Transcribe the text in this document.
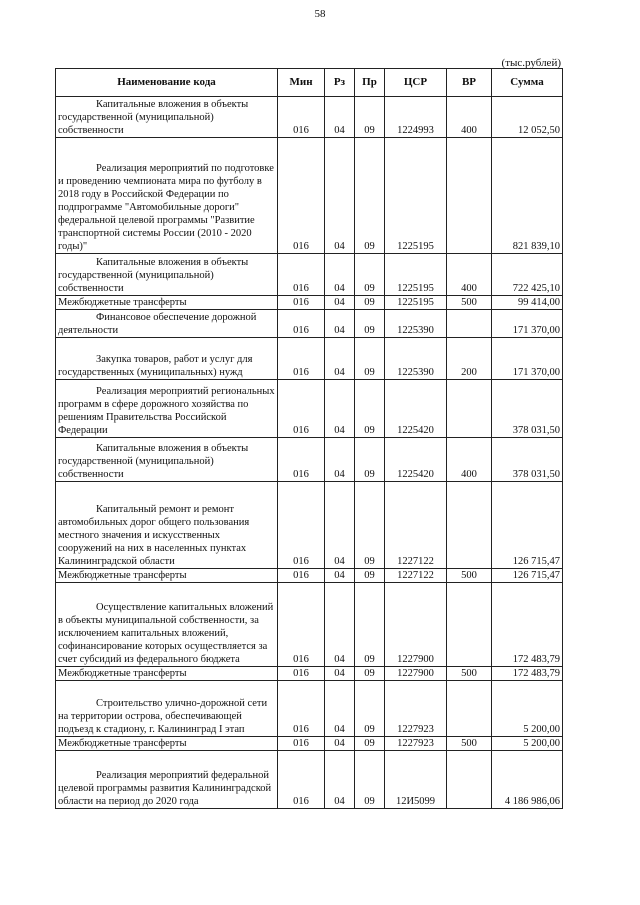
58
(тыс.рублей)
Наименование кода	Мин	Рз	Пр	ЦСР	ВР	Сумма

Капитальные вложения в объекты государственной (муниципальной) собственности	016	04	09	1224993	400	12 052,50

Реализация мероприятий по подготовке и проведению чемпионата мира по футболу в 2018 году в Российской Федерации по подпрограмме "Автомобильные дороги" федеральной целевой программы "Развитие транспортной системы России (2010 - 2020 годы)"	016	04	09	1225195		821 839,10

Капитальные вложения в объекты государственной (муниципальной) собственности	016	04	09	1225195	400	722 425,10
Межбюджетные трансферты	016	04	09	1225195	500	99 414,00

Финансовое обеспечение дорожной деятельности	016	04	09	1225390		171 370,00

Закупка товаров, работ и услуг для государственных (муниципальных) нужд	016	04	09	1225390	200	171 370,00

Реализация мероприятий региональных программ в сфере дорожного хозяйства по решениям Правительства Российской Федерации	016	04	09	1225420		378 031,50

Капитальные вложения в объекты государственной (муниципальной) собственности	016	04	09	1225420	400	378 031,50

Капитальный ремонт и ремонт автомобильных дорог общего пользования местного значения и искусственных сооружений на них в населенных пунктах Калининградской области	016	04	09	1227122		126 715,47
Межбюджетные трансферты	016	04	09	1227122	500	126 715,47

Осуществление капитальных вложений в объекты муниципальной собственности, за исключением капитальных вложений, софинансирование которых осуществляется за счет субсидий из федерального бюджета	016	04	09	1227900		172 483,79
Межбюджетные трансферты	016	04	09	1227900	500	172 483,79

Строительство улично-дорожной сети на территории острова, обеспечивающей подъезд к стадиону, г. Калининград I этап	016	04	09	1227923		5 200,00
Межбюджетные трансферты	016	04	09	1227923	500	5 200,00

Реализация мероприятий федеральной целевой программы развития Калининградской области на период до 2020 года	016	04	09	12И5099		4 186 986,06
